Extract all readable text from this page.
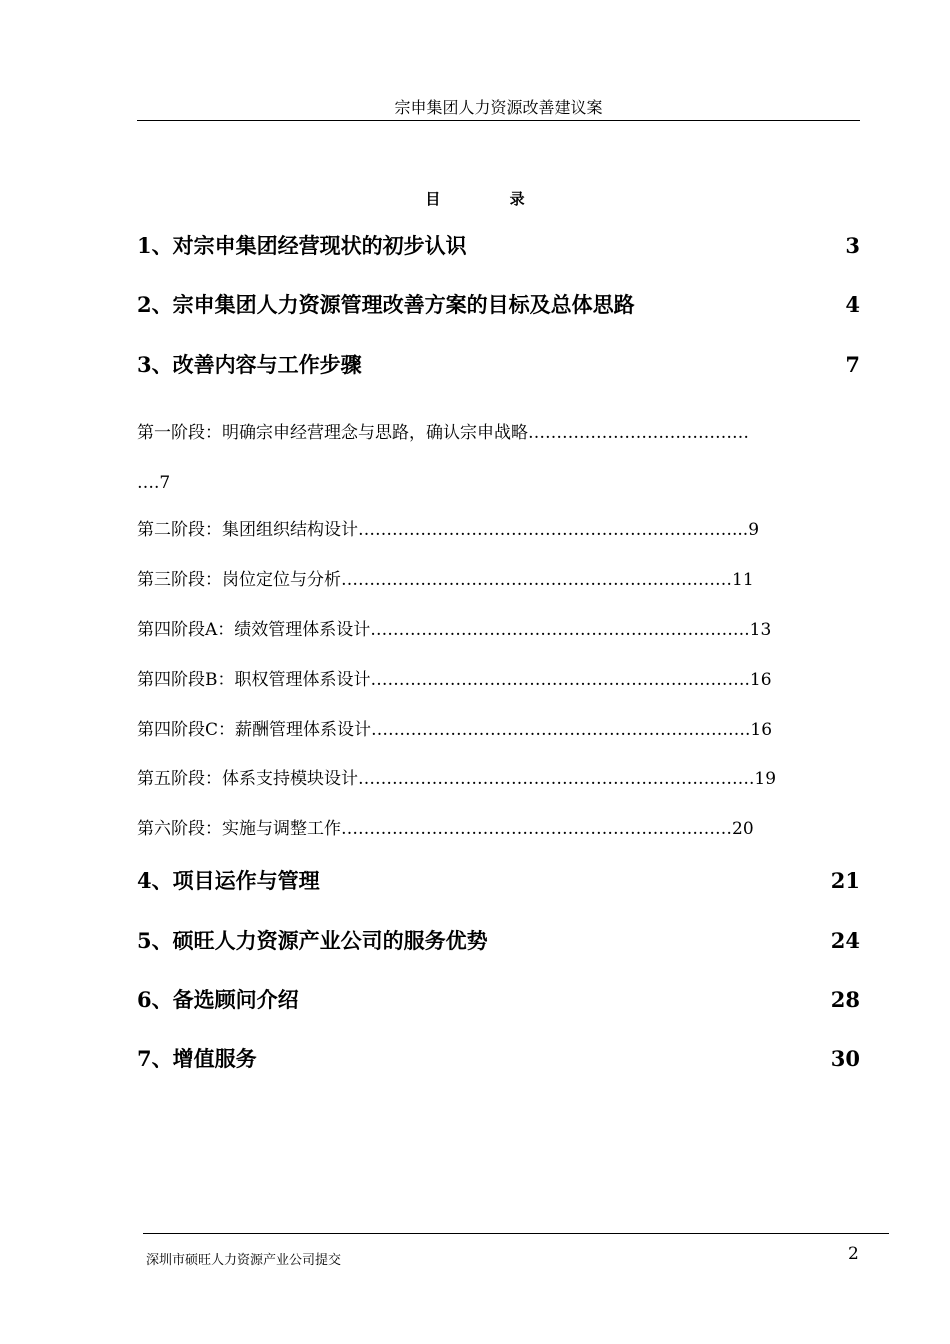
宗申集团人力资源改善建议案
目 录
1、对宗申集团经营现状的初步认识	3
2、宗申集团人力资源管理改善方案的目标及总体思路	4
3、改善内容与工作步骤	7
第一阶段：明确宗申经营理念与思路，确认宗申战略…………………………………
….7
第二阶段：集团组织结构设计…………………………………………………………...9
第三阶段：岗位定位与分析……………………………………………………………11
第四阶段A：绩效管理体系设计………………………………………………………….13
第四阶段B：职权管理体系设计………………………………………………………….16
第四阶段C：薪酬管理体系设计………………………………………………………….16
第五阶段：体系支持模块设计…………………………………………………………….19
第六阶段：实施与调整工作……………………………………………………………20
4、项目运作与管理	21
5、硕旺人力资源产业公司的服务优势	24
6、备选顾问介绍	28
7、增值服务	30
深圳市硕旺人力资源产业公司提交	2
